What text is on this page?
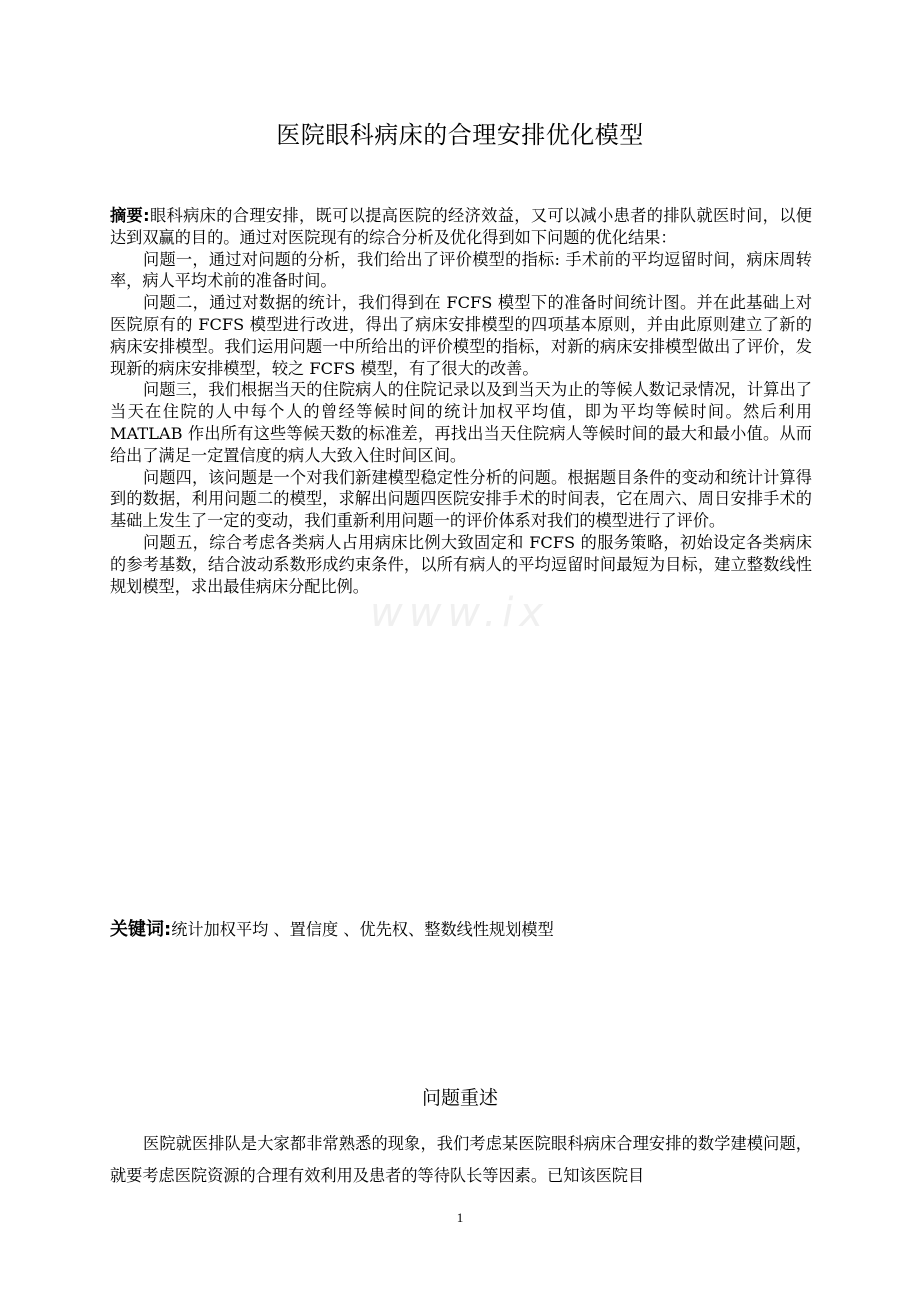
医院眼科病床的合理安排优化模型

摘要:眼科病床的合理安排，既可以提高医院的经济效益，又可以减小患者的排队就医时间，以便达到双赢的目的。通过对医院现有的综合分析及优化得到如下问题的优化结果：

问题一，通过对问题的分析，我们给出了评价模型的指标: 手术前的平均逗留时间，病床周转率，病人平均术前的准备时间。

问题二，通过对数据的统计，我们得到在 FCFS 模型下的准备时间统计图。并在此基础上对医院原有的 FCFS 模型进行改进，得出了病床安排模型的四项基本原则，并由此原则建立了新的病床安排模型。我们运用问题一中所给出的评价模型的指标，对新的病床安排模型做出了评价，发现新的病床安排模型，较之 FCFS 模型，有了很大的改善。

问题三，我们根据当天的住院病人的住院记录以及到当天为止的等候人数记录情况，计算出了当天在住院的人中每个人的曾经等候时间的统计加权平均值，即为平均等候时间。然后利用 MATLAB 作出所有这些等候天数的标准差，再找出当天住院病人等候时间的最大和最小值。从而给出了满足一定置信度的病人大致入住时间区间。

问题四，该问题是一个对我们新建模型稳定性分析的问题。根据题目条件的变动和统计计算得到的数据，利用问题二的模型，求解出问题四医院安排手术的时间表，它在周六、周日安排手术的基础上发生了一定的变动，我们重新利用问题一的评价体系对我们的模型进行了评价。

问题五，综合考虑各类病人占用病床比例大致固定和 FCFS 的服务策略，初始设定各类病床的参考基数，结合波动系数形成约束条件，以所有病人的平均逗留时间最短为目标，建立整数线性规划模型，求出最佳病床分配比例。

www.ix
关键词:统计加权平均 、置信度 、优先权、整数线性规划模型
问题重述

医院就医排队是大家都非常熟悉的现象，我们考虑某医院眼科病床合理安排的数学建模问题，就要考虑医院资源的合理有效利用及患者的等待队长等因素。已知该医院目

1
